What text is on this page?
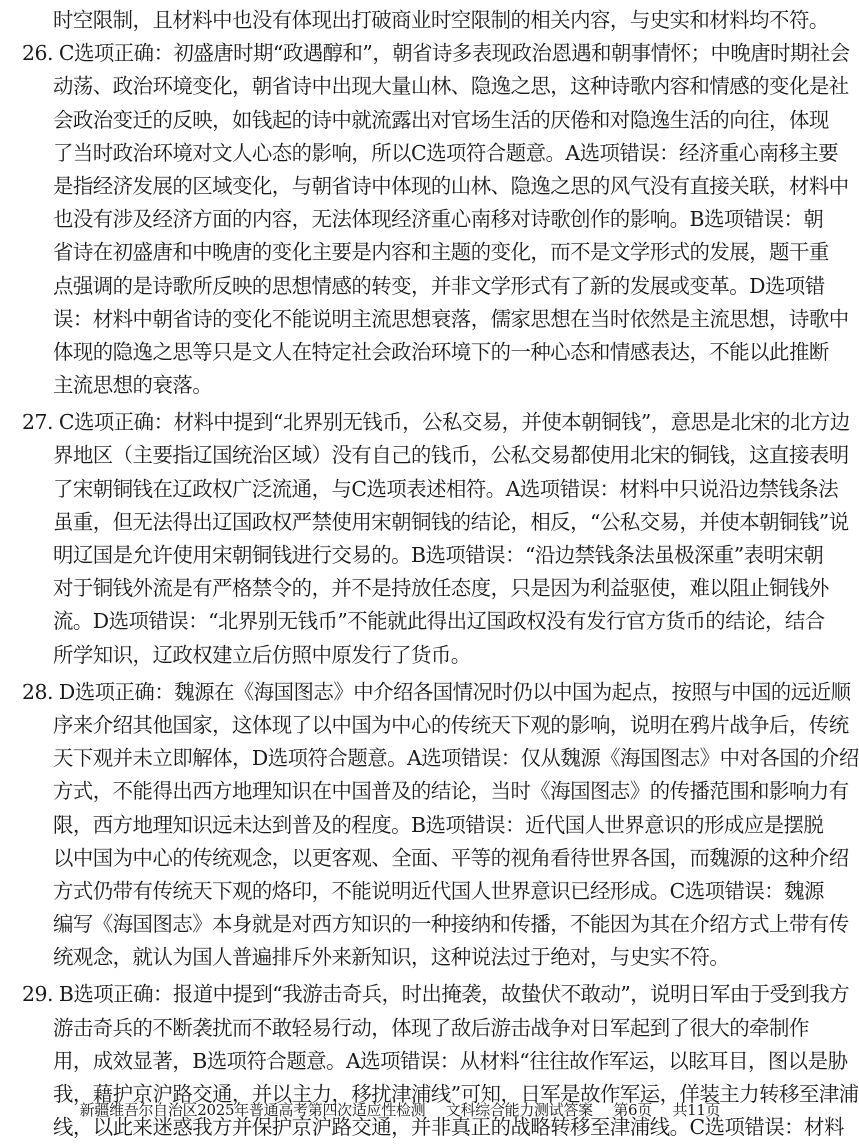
时空限制，且材料中也没有体现出打破商业时空限制的相关内容，与史实和材料均不符。
26. C选项正确：初盛唐时期“政遇醇和”，朝省诗多表现政治恩遇和朝事情怀；中晚唐时期社会
动荡、政治环境变化，朝省诗中出现大量山林、隐逸之思，这种诗歌内容和情感的变化是社
会政治变迁的反映，如钱起的诗中就流露出对官场生活的厌倦和对隐逸生活的向往，体现
了当时政治环境对文人心态的影响，所以C选项符合题意。A选项错误：经济重心南移主要
是指经济发展的区域变化，与朝省诗中体现的山林、隐逸之思的风气没有直接关联，材料中
也没有涉及经济方面的内容，无法体现经济重心南移对诗歌创作的影响。B选项错误：朝
省诗在初盛唐和中晚唐的变化主要是内容和主题的变化，而不是文学形式的发展，题干重
点强调的是诗歌所反映的思想情感的转变，并非文学形式有了新的发展或变革。D选项错
误：材料中朝省诗的变化不能说明主流思想衰落，儒家思想在当时依然是主流思想，诗歌中
体现的隐逸之思等只是文人在特定社会政治环境下的一种心态和情感表达，不能以此推断
主流思想的衰落。
27. C选项正确：材料中提到“北界别无钱币，公私交易，并使本朝铜钱”，意思是北宋的北方边
界地区（主要指辽国统治区域）没有自己的钱币，公私交易都使用北宋的铜钱，这直接表明
了宋朝铜钱在辽政权广泛流通，与C选项表述相符。A选项错误：材料中只说沿边禁钱条法
虽重，但无法得出辽国政权严禁使用宋朝铜钱的结论，相反，“公私交易，并使本朝铜钱”说
明辽国是允许使用宋朝铜钱进行交易的。B选项错误：“沿边禁钱条法虽极深重”表明宋朝
对于铜钱外流是有严格禁令的，并不是持放任态度，只是因为利益驱使，难以阻止铜钱外
流。D选项错误：“北界别无钱币”不能就此得出辽国政权没有发行官方货币的结论，结合
所学知识，辽政权建立后仿照中原发行了货币。
28. D选项正确：魏源在《海国图志》中介绍各国情况时仍以中国为起点，按照与中国的远近顺
序来介绍其他国家，这体现了以中国为中心的传统天下观的影响，说明在鸦片战争后，传统
天下观并未立即解体，D选项符合题意。A选项错误：仅从魏源《海国图志》中对各国的介绍
方式，不能得出西方地理知识在中国普及的结论，当时《海国图志》的传播范围和影响力有
限，西方地理知识远未达到普及的程度。B选项错误：近代国人世界意识的形成应是摆脱
以中国为中心的传统观念，以更客观、全面、平等的视角看待世界各国，而魏源的这种介绍
方式仍带有传统天下观的烙印，不能说明近代国人世界意识已经形成。C选项错误：魏源
编写《海国图志》本身就是对西方知识的一种接纳和传播，不能因为其在介绍方式上带有传
统观念，就认为国人普遍排斥外来新知识，这种说法过于绝对，与史实不符。
29. B选项正确：报道中提到“我游击奇兵，时出掩袭，故蛰伏不敢动”，说明日军由于受到我方
游击奇兵的不断袭扰而不敢轻易行动，体现了敌后游击战争对日军起到了很大的牵制作
用，成效显著，B选项符合题意。A选项错误：从材料“往往故作军运，以眩耳目，图以是胁
我，藉护京沪路交通，并以主力，移扰津浦线”可知，日军是故作军运，佯装主力转移至津浦
线，以此来迷惑我方并保护京沪路交通，并非真正的战略转移至津浦线。C选项错误：材料
新疆维吾尔自治区2025年普通高考第四次适应性检测 文科综合能力测试答案 第6页 共11页
